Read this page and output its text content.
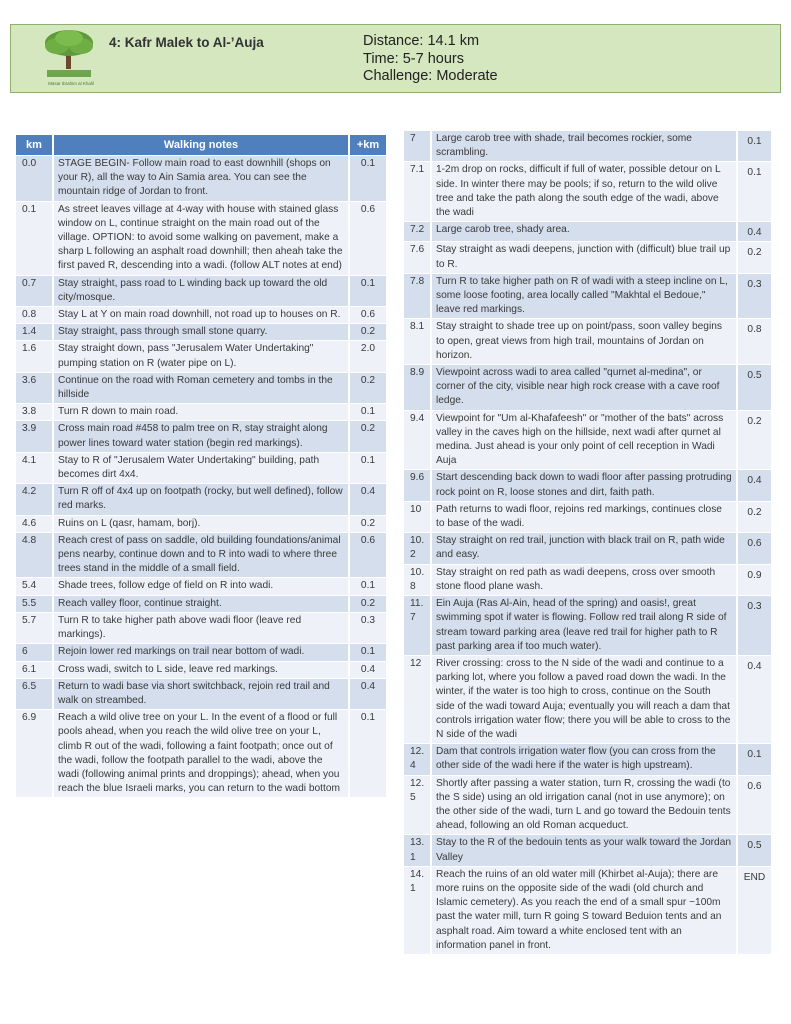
Masar Ibrahim al Khalil
4: Kafr Malek to Al-’Auja	Distance: 14.1 km
Time: 5-7 hours
Challenge: Moderate
km	Walking notes	+km
0.0	STAGE BEGIN- Follow main road to east downhill (shops on your R), all the way to Ain Samia area. You can see the mountain ridge of Jordan to front.	0.1
0.1	As street leaves village at 4-way with house with stained glass window on L, continue straight on the main road out of the village. OPTION: to avoid some walking on pavement, make a sharp L following an asphalt road downhill; then aheah take the first paved R, descending into a wadi. (follow ALT notes at end)	0.6
0.7	Stay straight, pass road to L winding back up toward the old city/mosque.	0.1
0.8	Stay L at Y on main road downhill, not road up to houses on R.	0.6
1.4	Stay straight, pass through small stone quarry.	0.2
1.6	Stay straight down, pass "Jerusalem Water Undertaking" pumping station on R (water pipe on L).	2.0
3.6	Continue on the road with Roman cemetery and tombs in the hillside	0.2
3.8	Turn R down to main road.	0.1
3.9	Cross main road #458 to palm tree on R, stay straight along power lines toward water station (begin red markings).	0.2
4.1	Stay to R of "Jerusalem Water Undertaking" building, path becomes dirt 4x4.	0.1
4.2	Turn R off of 4x4 up on footpath (rocky, but well defined), follow red marks.	0.4
4.6	Ruins on L (qasr, hamam, borj).	0.2
4.8	Reach crest of pass on saddle, old building foundations/animal pens nearby, continue down and to R into wadi to where three trees stand in the middle of a small field.	0.6
5.4	Shade trees, follow edge of field on R into wadi.	0.1
5.5	Reach valley floor, continue straight.	0.2
5.7	Turn R to take higher path above wadi floor (leave red markings).	0.3
6	Rejoin lower red markings on trail near bottom of wadi.	0.1
6.1	Cross wadi, switch to L side, leave red markings.	0.4
6.5	Return to wadi base via short switchback, rejoin red trail and walk on streambed.	0.4
6.9	Reach a wild olive tree on your L. In the event of a flood or full pools ahead, when you reach the wild olive tree on your L, climb R out of the wadi, following a faint footpath; once out of the wadi, follow the footpath parallel to the wadi, above the wadi (following animal prints and droppings); ahead, when you reach the blue Israeli marks, you can return to the wadi bottom	0.1
7	Large carob tree with shade, trail becomes rockier, some scrambling.	0.1
7.1	1-2m drop on rocks, difficult if full of water, possible detour on L side. In winter there may be pools; if so, return to the wild olive tree and take the path along the south edge of the wadi, above the wadi	0.1
7.2	Large carob tree, shady area.	0.4
7.6	Stay straight as wadi deepens, junction with (difficult) blue trail up to R.	0.2
7.8	Turn R to take higher path on R of wadi with a steep incline on L, some loose footing, area locally called "Makhtal el Bedoue," leave red markings.	0.3
8.1	Stay straight to shade tree up on point/pass, soon valley begins to open, great views from high trail, mountains of Jordan on horizon.	0.8
8.9	Viewpoint across wadi to area called "qurnet al-medina", or corner of the city, visible near high rock crease with a cave roof ledge.	0.5
9.4	Viewpoint for "Um al-Khafafeesh" or "mother of the bats" across valley in the caves high on the hillside, next wadi after qurnet al medina. Just ahead is your only point of cell reception in Wadi Auja	0.2
9.6	Start descending back down to wadi floor after passing protruding rock point on R, loose stones and dirt, faith path.	0.4
10	Path returns to wadi floor, rejoins red markings, continues close to base of the wadi.	0.2
10.2	Stay straight on red trail, junction with black trail on R, path wide and easy.	0.6
10.8	Stay straight on red path as wadi deepens, cross over smooth stone flood plane wash.	0.9
11.7	Ein Auja (Ras Al-Ain, head of the spring) and oasis!, great swimming spot if water is flowing. Follow red trail along R side of stream toward parking area (leave red trail for higher path to R past parking area if too much water).	0.3
12	River crossing: cross to the N side of the wadi and continue to a parking lot, where you follow a paved road down the wadi. In the winter, if the water is too high to cross, continue on the South side of the wadi toward Auja; eventually you will reach a dam that controls irrigation water flow; there you will be able to cross to the N side of the wadi	0.4
12.4	Dam that controls irrigation water flow (you can cross from the other side of the wadi here if the water is high upstream).	0.1
12.5	Shortly after passing a water station, turn R, crossing the wadi (to the S side) using an old irrigation canal (not in use anymore); on the other side of the wadi, turn L and go toward the Bedouin tents ahead, following an old Roman acqueduct.	0.6
13.1	Stay to the R of the bedouin tents as your walk toward the Jordan Valley	0.5
14.1	Reach the ruins of an old water mill (Khirbet al-Auja); there are more ruins on the opposite side of the wadi (old church and Islamic cemetery). As you reach the end of a small spur ~100m past the water mill, turn R going S toward Beduion tents and an asphalt road. Aim toward a white enclosed tent with an information panel in front.	END
